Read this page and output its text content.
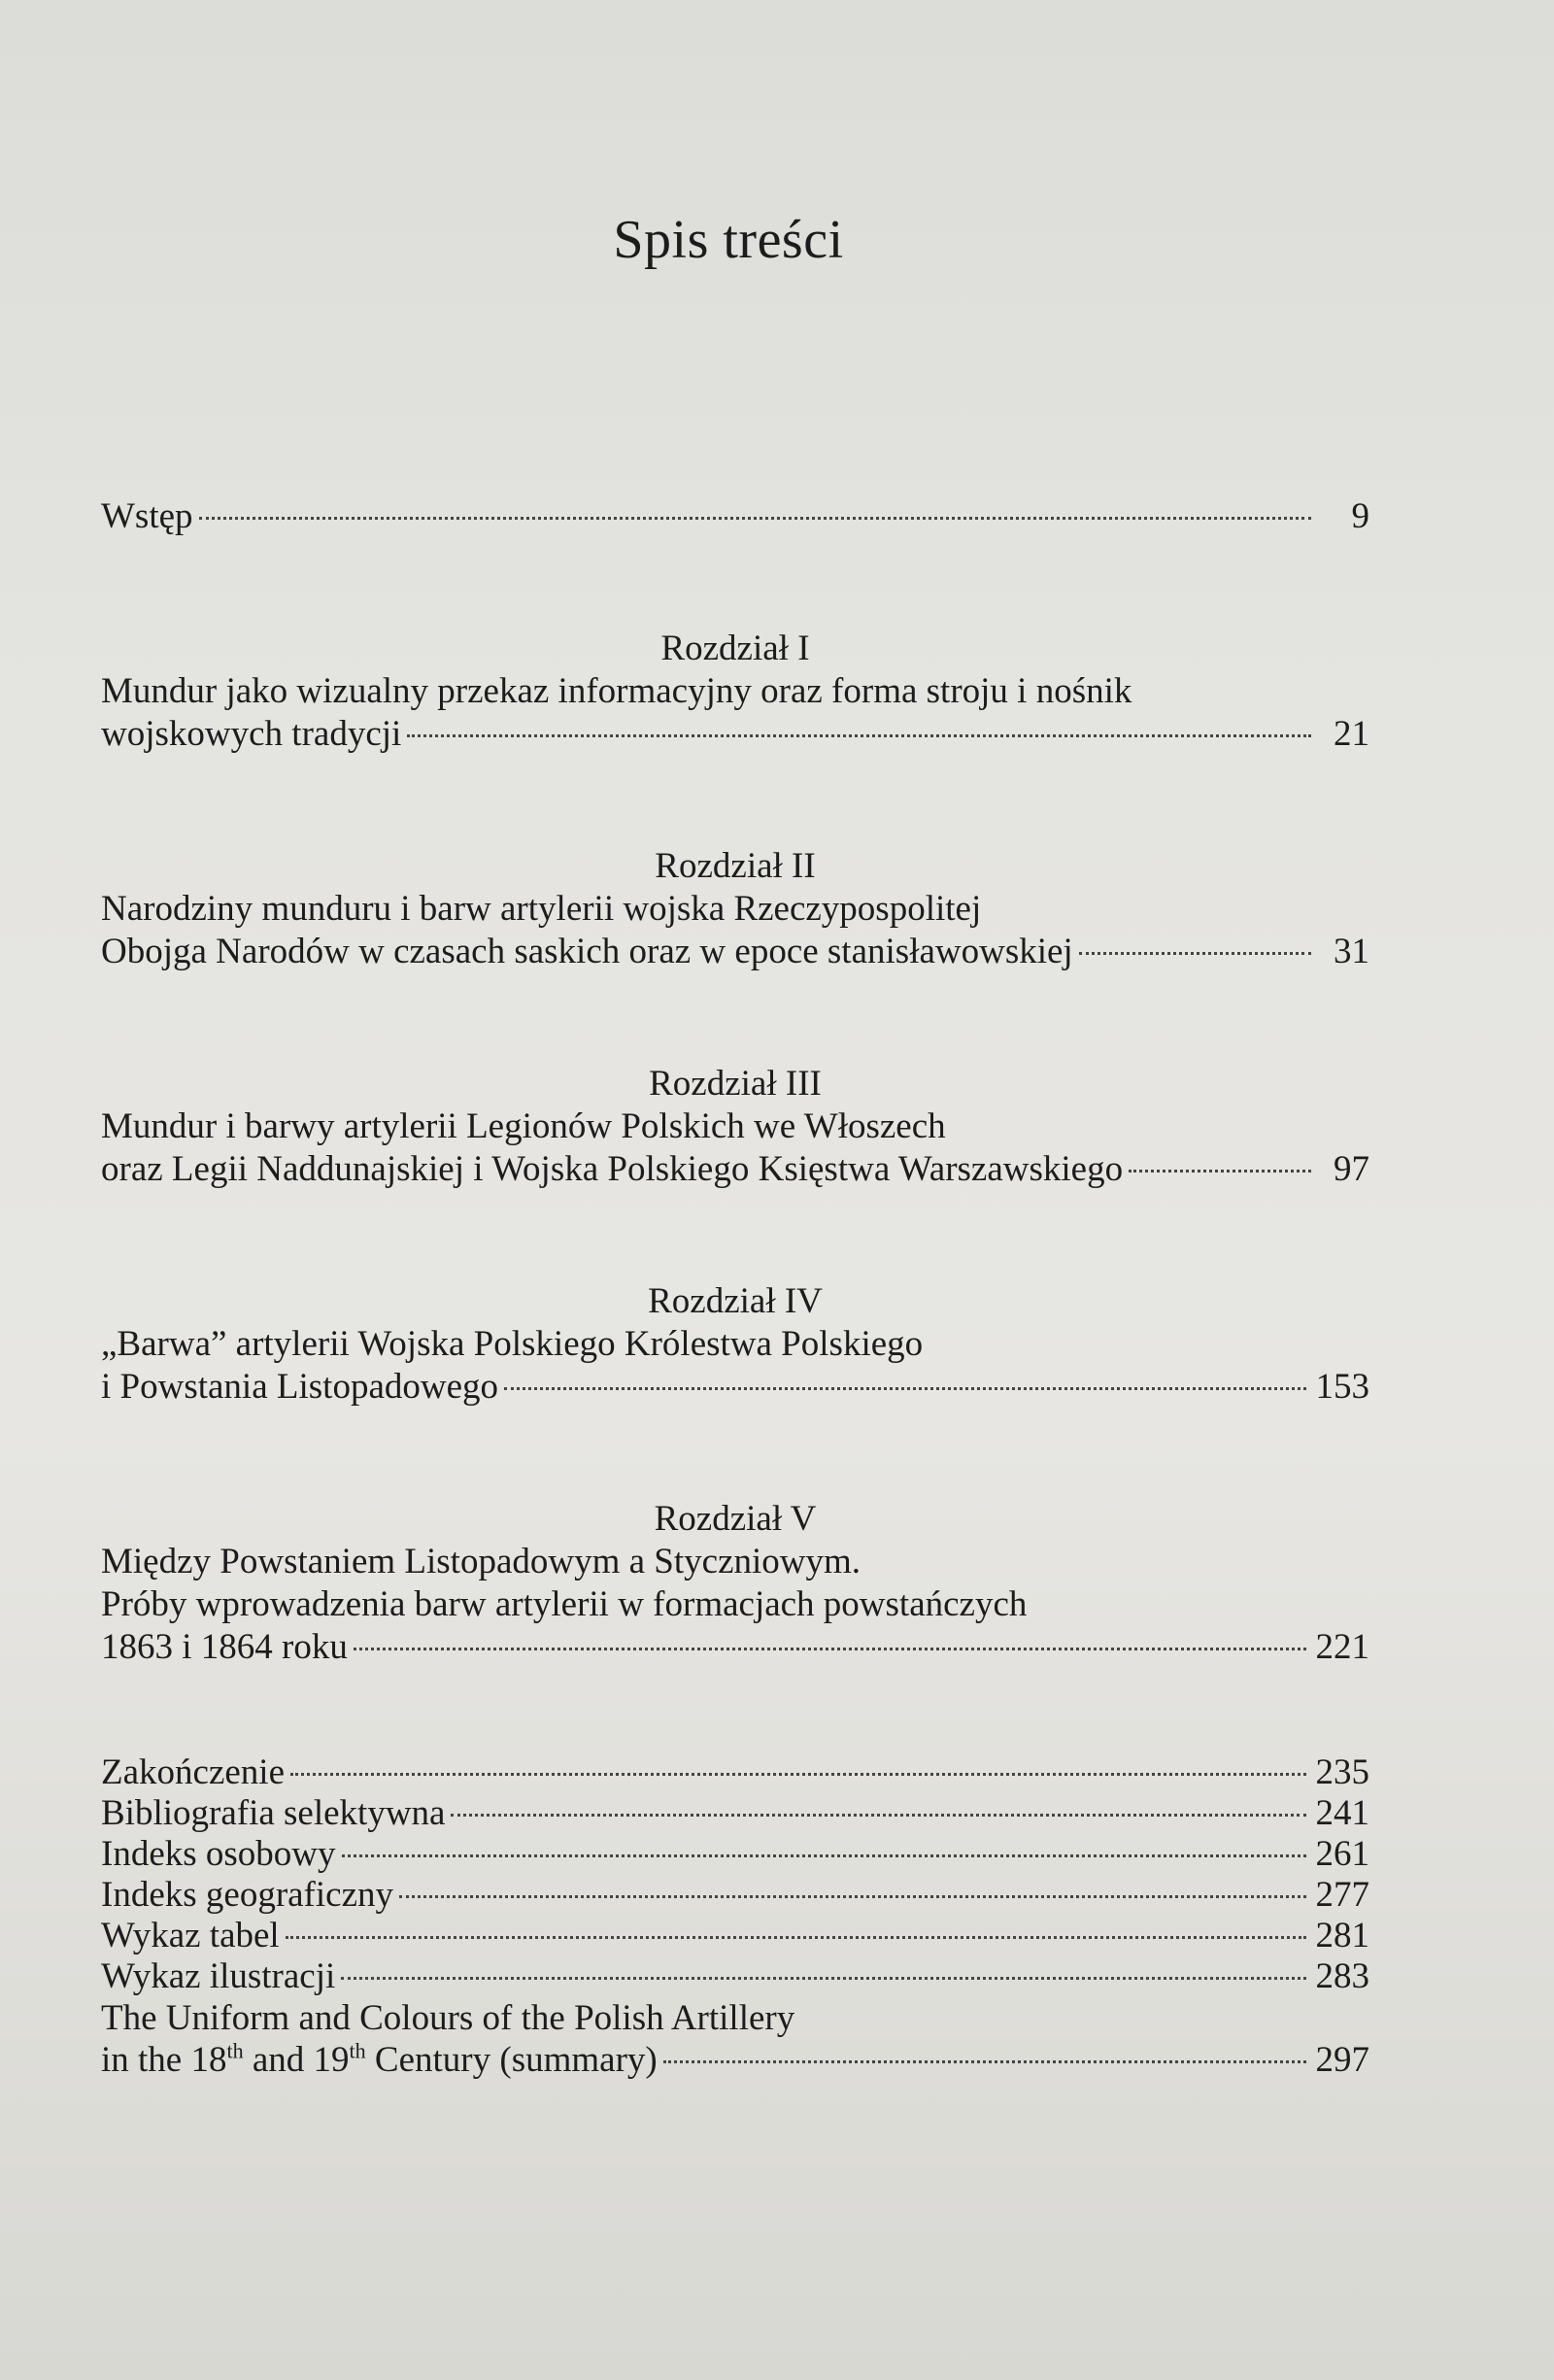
Spis treści
Wstęp	9
Rozdział I
Mundur jako wizualny przekaz informacyjny oraz forma stroju i nośnik
wojskowych tradycji	21
Rozdział II
Narodziny munduru i barw artylerii wojska Rzeczypospolitej
Obojga Narodów w czasach saskich oraz w epoce stanisławowskiej	31
Rozdział III
Mundur i barwy artylerii Legionów Polskich we Włoszech
oraz Legii Naddunajskiej i Wojska Polskiego Księstwa Warszawskiego	97
Rozdział IV
„Barwa” artylerii Wojska Polskiego Królestwa Polskiego
i Powstania Listopadowego	153
Rozdział V
Między Powstaniem Listopadowym a Styczniowym.
Próby wprowadzenia barw artylerii w formacjach powstańczych
1863 i 1864 roku	221
Zakończenie	235
Bibliografia selektywna	241
Indeks osobowy	261
Indeks geograficzny	277
Wykaz tabel	281
Wykaz ilustracji	283
The Uniform and Colours of the Polish Artillery
in the 18th and 19th Century (summary)	297
